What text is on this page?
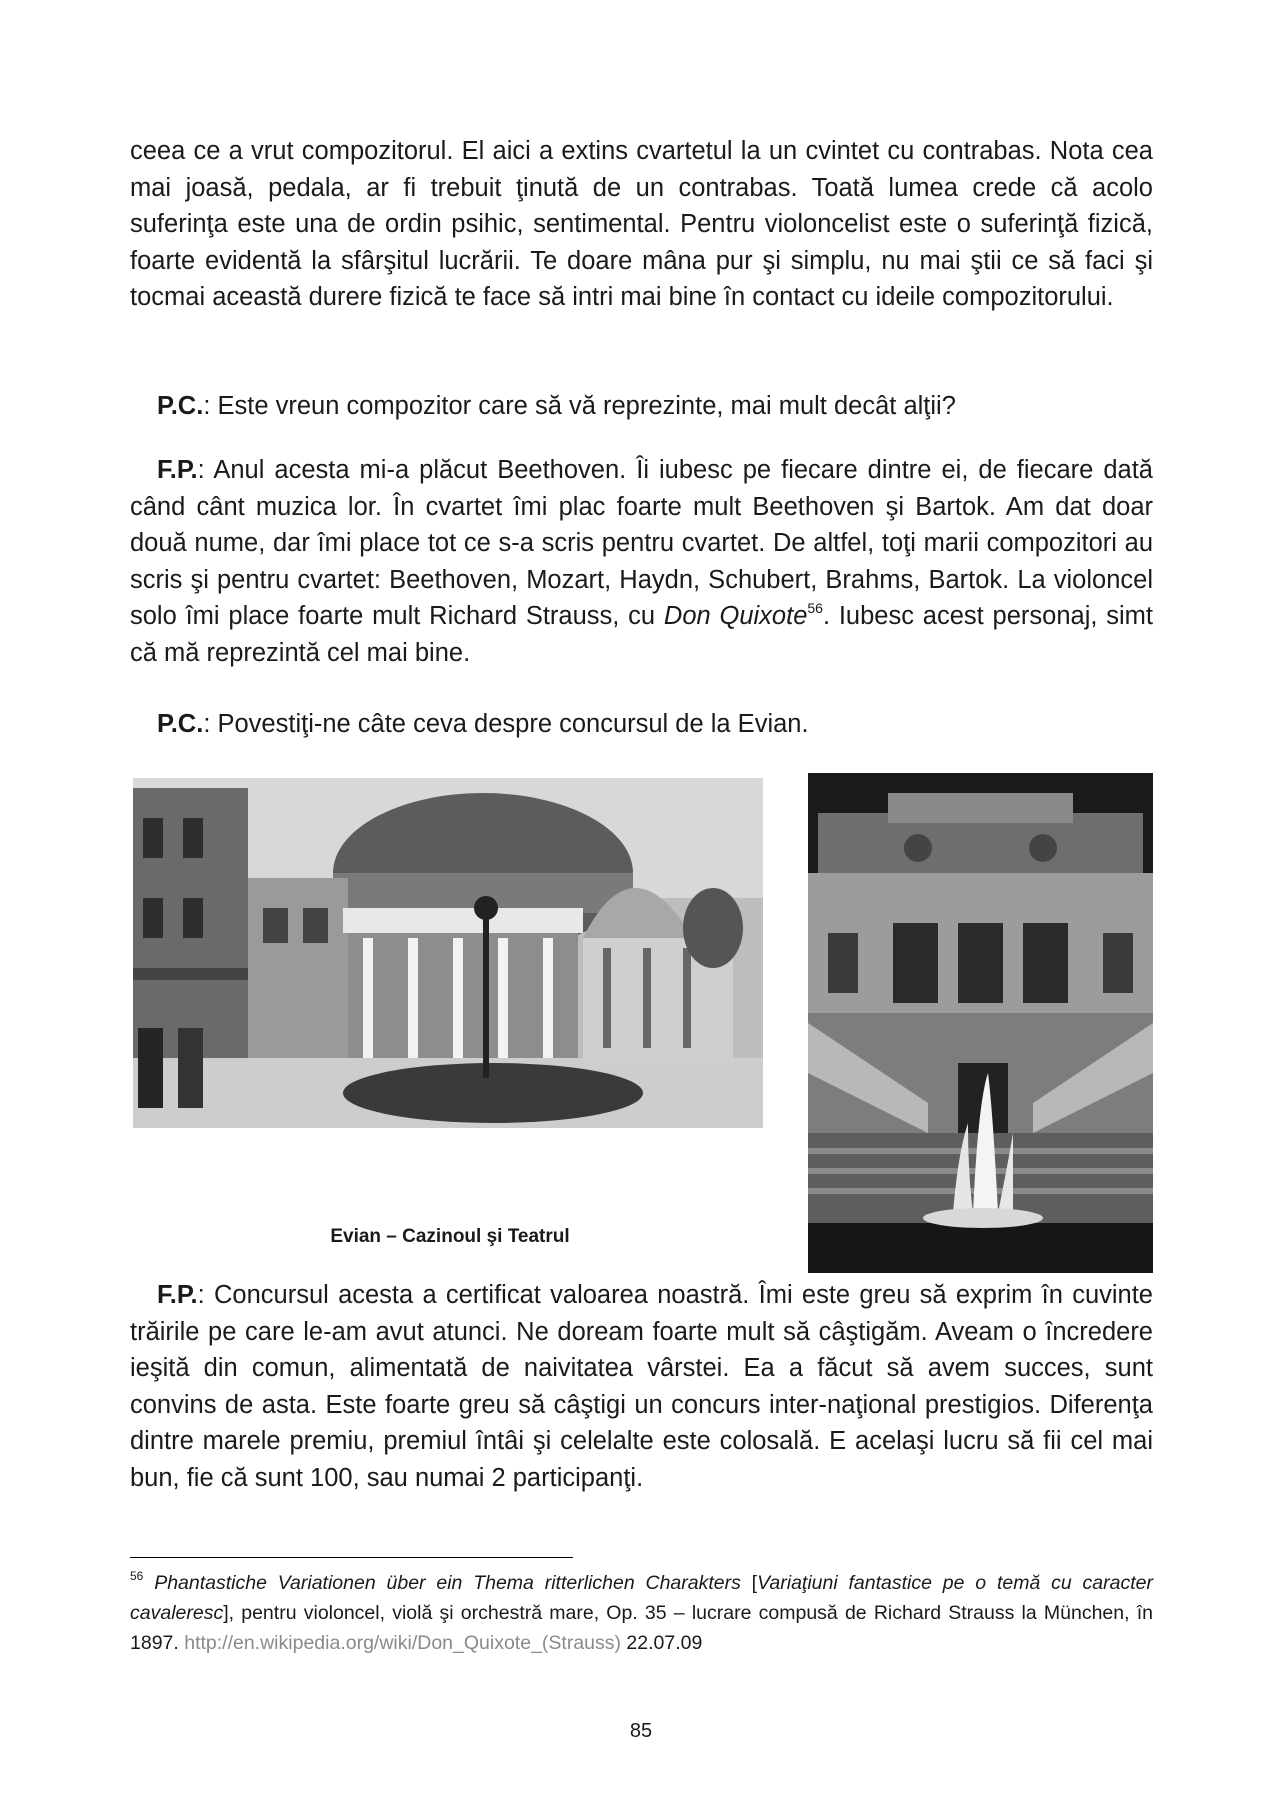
ceea ce a vrut compozitorul. El aici a extins cvartetul la un cvintet cu contrabas. Nota cea mai joasă, pedala, ar fi trebuit ţinută de un contrabas. Toată lumea crede că acolo suferinţa este una de ordin psihic, sentimental. Pentru violoncelist este o suferinţă fizică, foarte evidentă la sfârşitul lucrării. Te doare mâna pur şi simplu, nu mai ştii ce să faci şi tocmai această durere fizică te face să intri mai bine în contact cu ideile compozitorului.
P.C.: Este vreun compozitor care să vă reprezinte, mai mult decât alţii?
F.P.: Anul acesta mi-a plăcut Beethoven. Îi iubesc pe fiecare dintre ei, de fiecare dată când cânt muzica lor. În cvartet îmi plac foarte mult Beethoven şi Bartok. Am dat doar două nume, dar îmi place tot ce s-a scris pentru cvartet. De altfel, toţi marii compozitori au scris şi pentru cvartet: Beethoven, Mozart, Haydn, Schubert, Brahms, Bartok. La violoncel solo îmi place foarte mult Richard Strauss, cu Don Quixote$^{56}$. Iubesc acest personaj, simt că mă reprezintă cel mai bine.
P.C.: Povestiţi-ne câte ceva despre concursul de la Evian.
Evian – Cazinoul şi Teatrul
F.P.: Concursul acesta a certificat valoarea noastră. Îmi este greu să exprim în cuvinte trăirile pe care le-am avut atunci. Ne doream foarte mult să câştigăm. Aveam o încredere ieşită din comun, alimentată de naivitatea vârstei. Ea a făcut să avem succes, sunt convins de asta. Este foarte greu să câştigi un concurs inter-naţional prestigios. Diferenţa dintre marele premiu, premiul întâi şi celelalte este colosală. E acelaşi lucru să fii cel mai bun, fie că sunt 100, sau numai 2 participanţi.
$^{56}$ Phantastiche Variationen über ein Thema ritterlichen Charakters [Variaţiuni fantastice pe o temă cu caracter cavaleresc], pentru violoncel, violă şi orchestră mare, Op. 35 – lucrare compusă de Richard Strauss la München, în 1897. http://en.wikipedia.org/wiki/Don_Quixote_(Strauss) 22.07.09
85
